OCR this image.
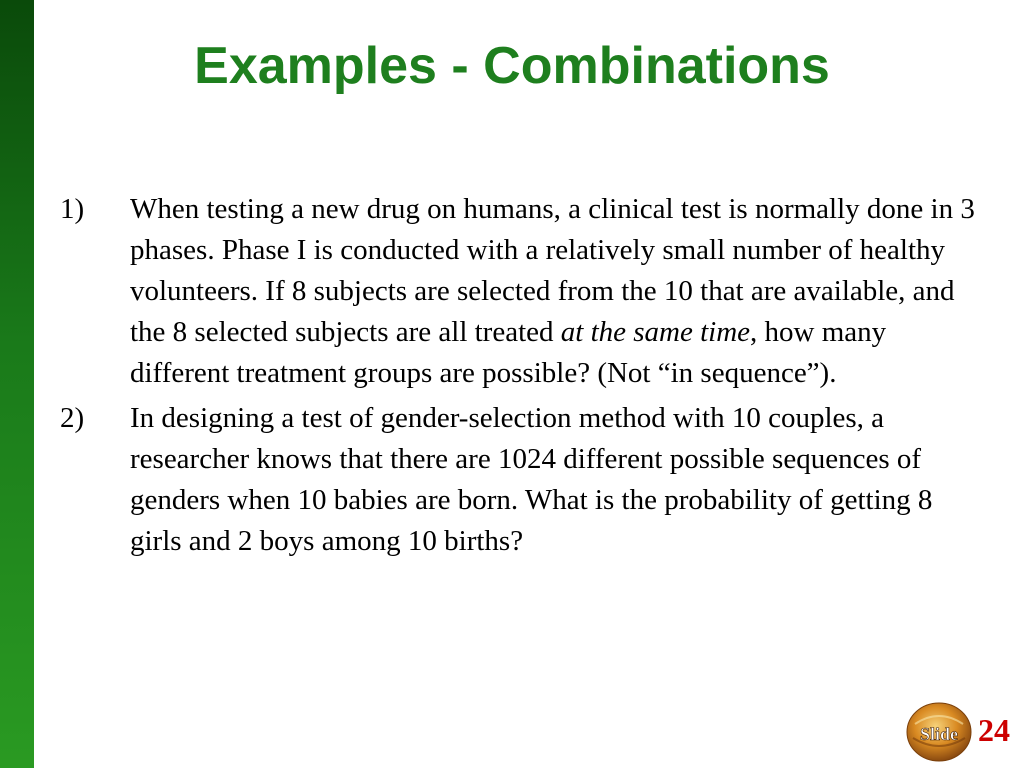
Examples - Combinations
1)	When testing a new drug on humans, a clinical test is normally done in 3 phases. Phase I is conducted with a relatively small number of healthy volunteers. If 8 subjects are selected from the 10 that are available, and the 8 selected subjects are all treated at the same time, how many different treatment groups are possible? (Not “in sequence”).
2)	In designing a test of gender-selection method with 10 couples, a researcher knows that there are 1024 different possible sequences of genders when 10 babies are born. What is the probability of getting 8 girls and 2 boys among 10 births?
Slide 24
